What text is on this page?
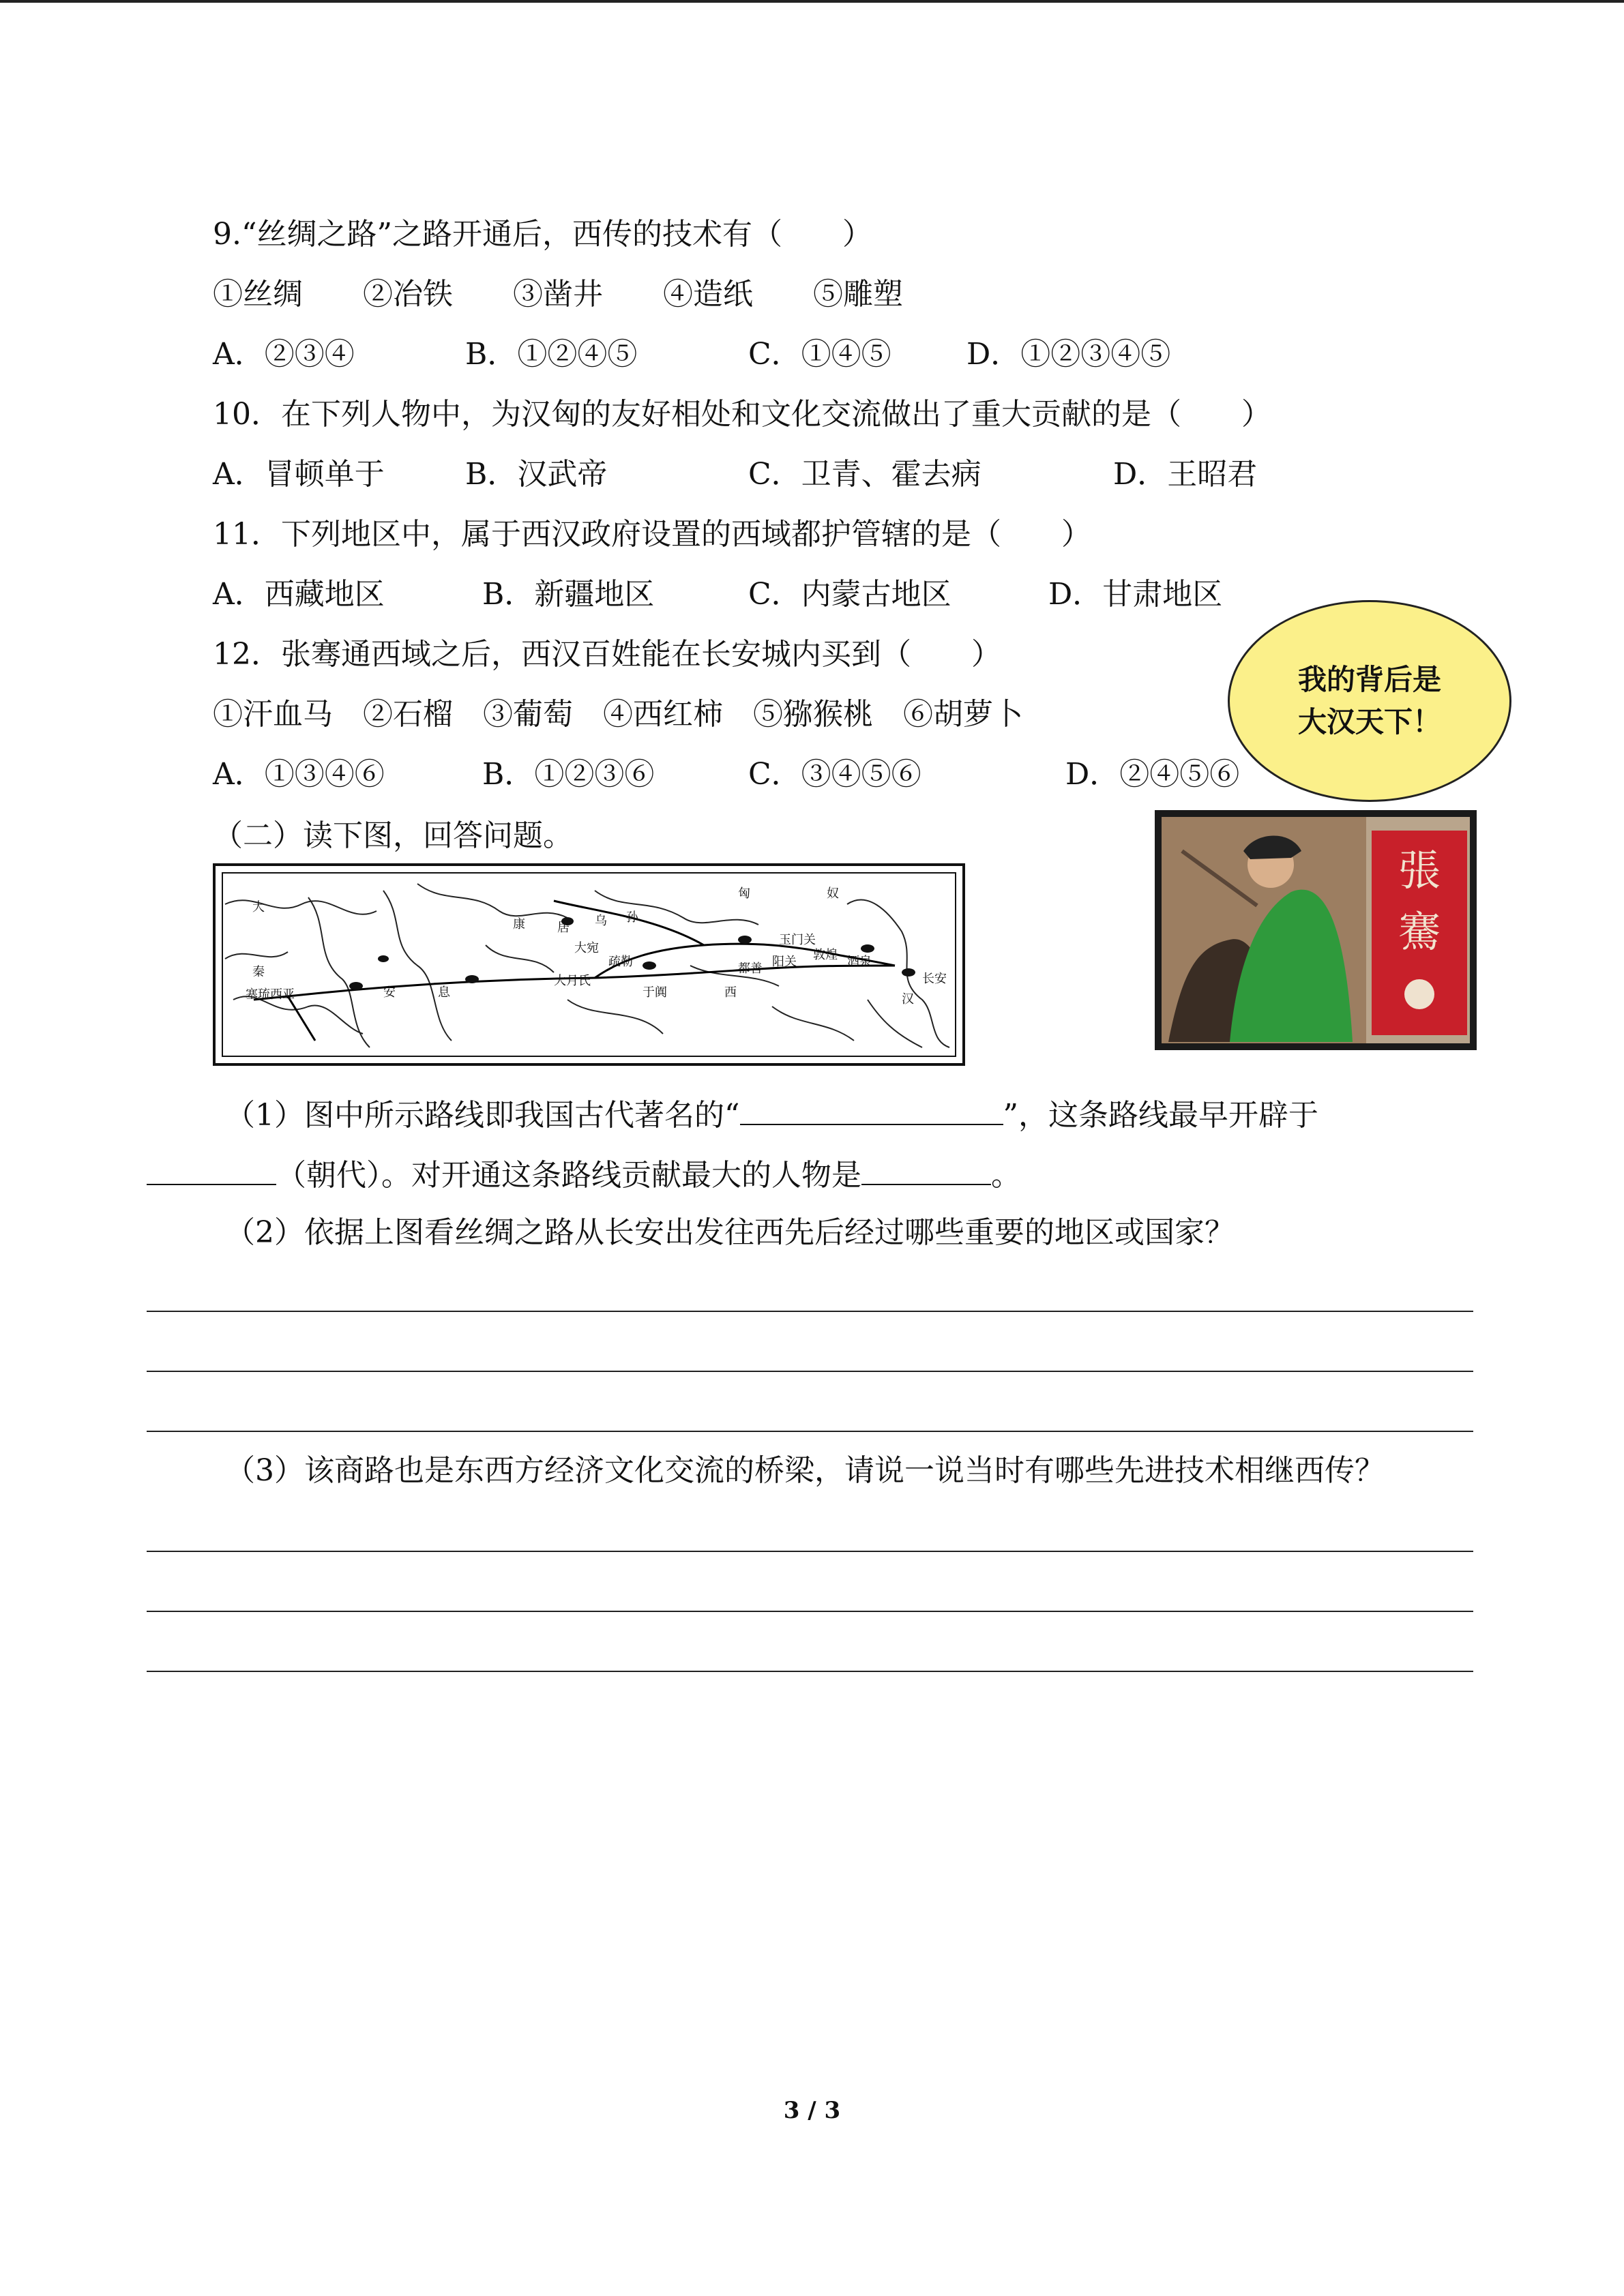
9.“丝绸之路”之路开通后，西传的技术有（　　）
①丝绸　　②冶铁　　③凿井　　④造纸　　⑤雕塑
A．②③④	B．①②④⑤	C．①④⑤	D．①②③④⑤
10．在下列人物中，为汉匈的友好相处和文化交流做出了重大贡献的是（　　）
A．冒顿单于	B．汉武帝	C．卫青、霍去病	D．王昭君
11．下列地区中，属于西汉政府设置的西域都护管辖的是（　　）
A．西藏地区	B．新疆地区	C．内蒙古地区	D．甘肃地区
12．张骞通西域之后，西汉百姓能在长安城内买到（　　）
①汗血马　②石榴　③葡萄　④西红柿　⑤猕猴桃　⑥胡萝卜
A．①③④⑥	B．①②③⑥	C．③④⑤⑥	D．②④⑤⑥
我的背后是
大汉天下！
（二）读下图，回答问题。
大
秦
塞琉西亚	安	息
康	居 乌 孙
大宛
疏勒
大月氏
于阗	西
都善
玉门关
阳关 敦煌 酒泉
匈	奴
长安
汉
張
騫
（1）图中所示路线即我国古代著名的“	”，这条路线最早开辟于
（朝代）。对开通这条路线贡献最大的人物是	。
（2）依据上图看丝绸之路从长安出发往西先后经过哪些重要的地区或国家？
（3）该商路也是东西方经济文化交流的桥梁，请说一说当时有哪些先进技术相继西传？
3 / 3
